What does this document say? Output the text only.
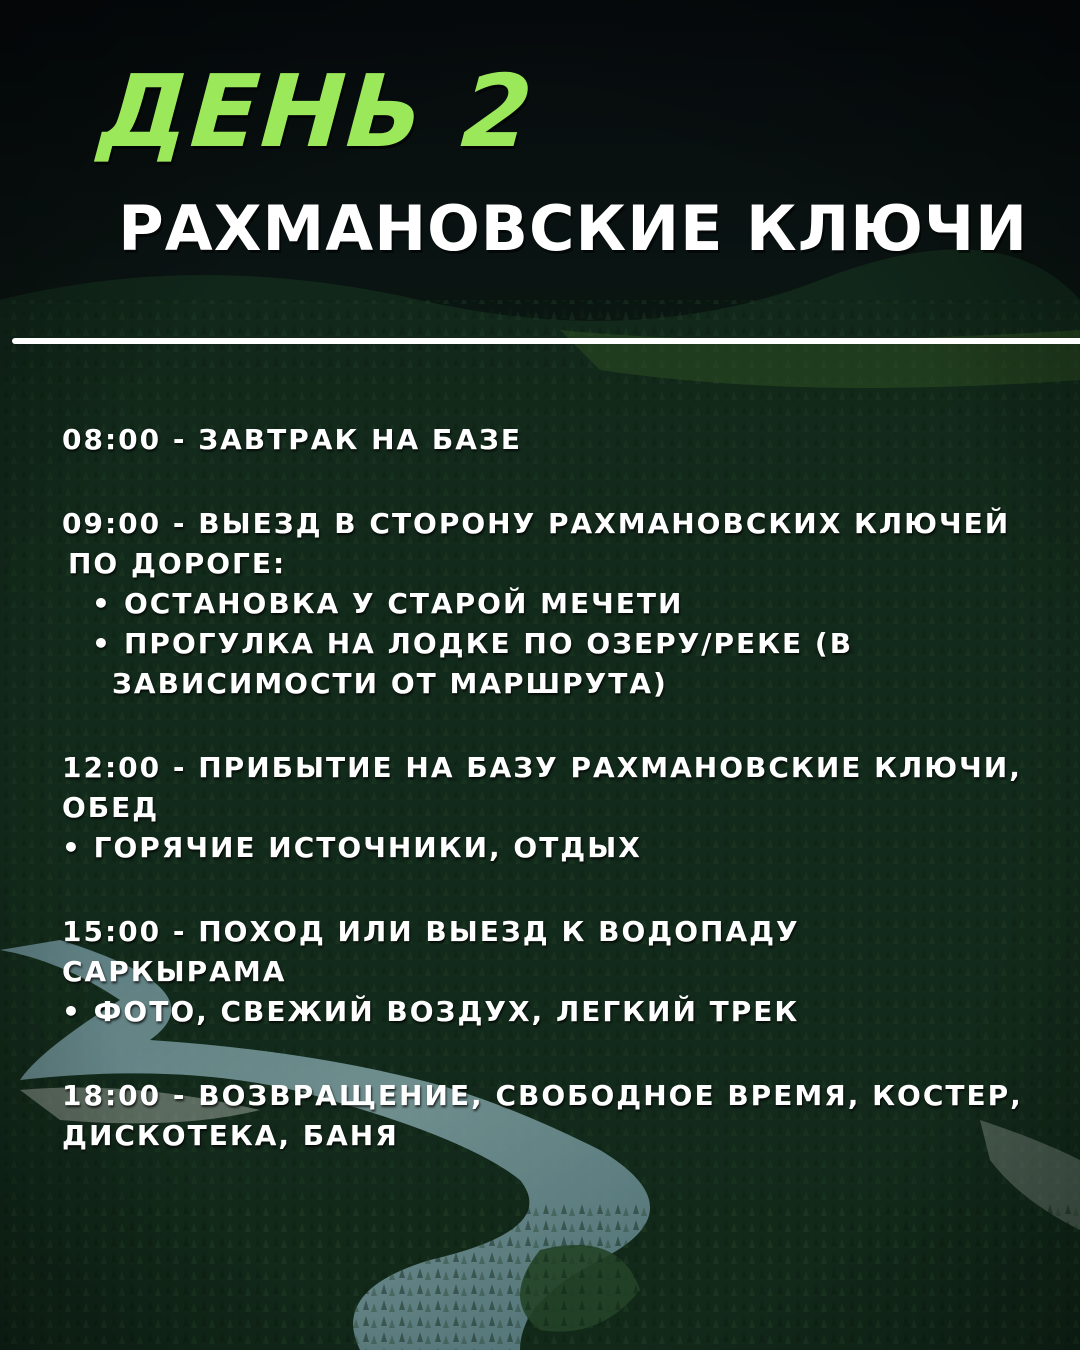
ДЕНЬ 2
РАХМАНОВСКИЕ КЛЮЧИ
08:00 - ЗАВТРАК НА БАЗЕ
09:00 - ВЫЕЗД В СТОРОНУ РАХМАНОВСКИХ КЛЮЧЕЙ
ПО ДОРОГЕ:
• ОСТАНОВКА У СТАРОЙ МЕЧЕТИ
• ПРОГУЛКА НА ЛОДКЕ ПО ОЗЕРУ/РЕКЕ (В
ЗАВИСИМОСТИ ОТ МАРШРУТА)
12:00 - ПРИБЫТИЕ НА БАЗУ РАХМАНОВСКИЕ КЛЮЧИ,
ОБЕД
• ГОРЯЧИЕ ИСТОЧНИКИ, ОТДЫХ
15:00 - ПОХОД ИЛИ ВЫЕЗД К ВОДОПАДУ
САРКЫРАМА
• ФОТО, СВЕЖИЙ ВОЗДУХ, ЛЕГКИЙ ТРЕК
18:00 - ВОЗВРАЩЕНИЕ, СВОБОДНОЕ ВРЕМЯ, КОСТЕР,
ДИСКОТЕКА, БАНЯ
